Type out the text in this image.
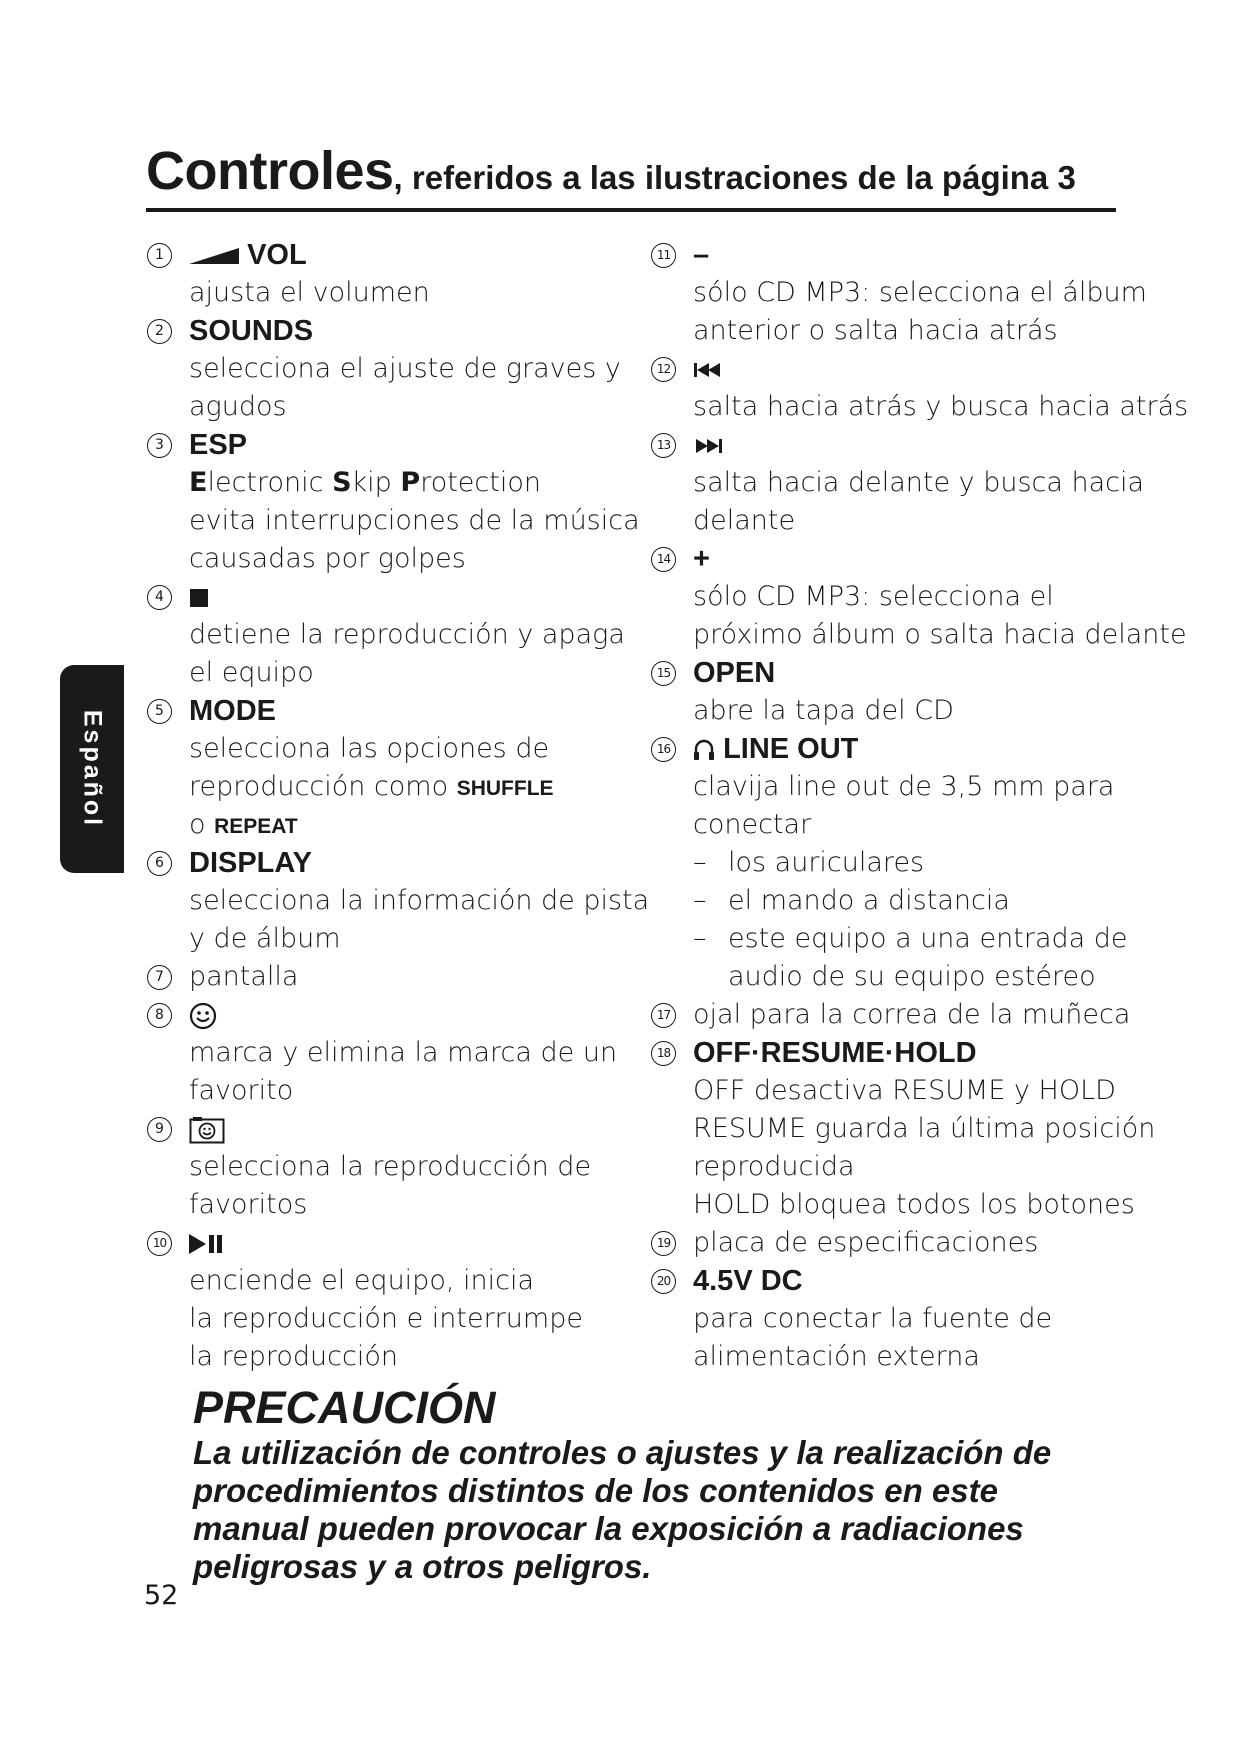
Controles, referidos a las ilustraciones de la página 3
Español
1	VOL
ajusta el volumen
2 SOUNDS
selecciona el ajuste de graves y
agudos
3 ESP
Electronic Skip Protection
evita interrupciones de la música
causadas por golpes
4
detiene la reproducción y apaga
el equipo
5 MODE
selecciona las opciones de
reproducción como SHUFFLE
o REPEAT
6 DISPLAY
selecciona la información de pista
y de álbum
7 pantalla
8
marca y elimina la marca de un
favorito
9
selecciona la reproducción de
favoritos
10
enciende el equipo, inicia
la reproducción e interrumpe
la reproducción
11 –
sólo CD MP3: selecciona el álbum
anterior o salta hacia atrás
12
salta hacia atrás y busca hacia atrás
13
salta hacia delante y busca hacia
delante
14 +
sólo CD MP3: selecciona el
próximo álbum o salta hacia delante
15 OPEN
abre la tapa del CD
16	LINE OUT
clavija line out de 3,5 mm para
conectar
– los auriculares
– el mando a distancia
– este equipo a una entrada de
audio de su equipo estéreo
17 ojal para la correa de la muñeca
18 OFF·RESUME·HOLD
OFF desactiva RESUME y HOLD
RESUME guarda la última posición
reproducida
HOLD bloquea todos los botones
19 placa de especificaciones
20 4.5V DC
para conectar la fuente de
alimentación externa
PRECAUCIÓN
La utilización de controles o ajustes y la realización de
procedimientos distintos de los contenidos en este
manual pueden provocar la exposición a radiaciones
peligrosas y a otros peligros.
52
